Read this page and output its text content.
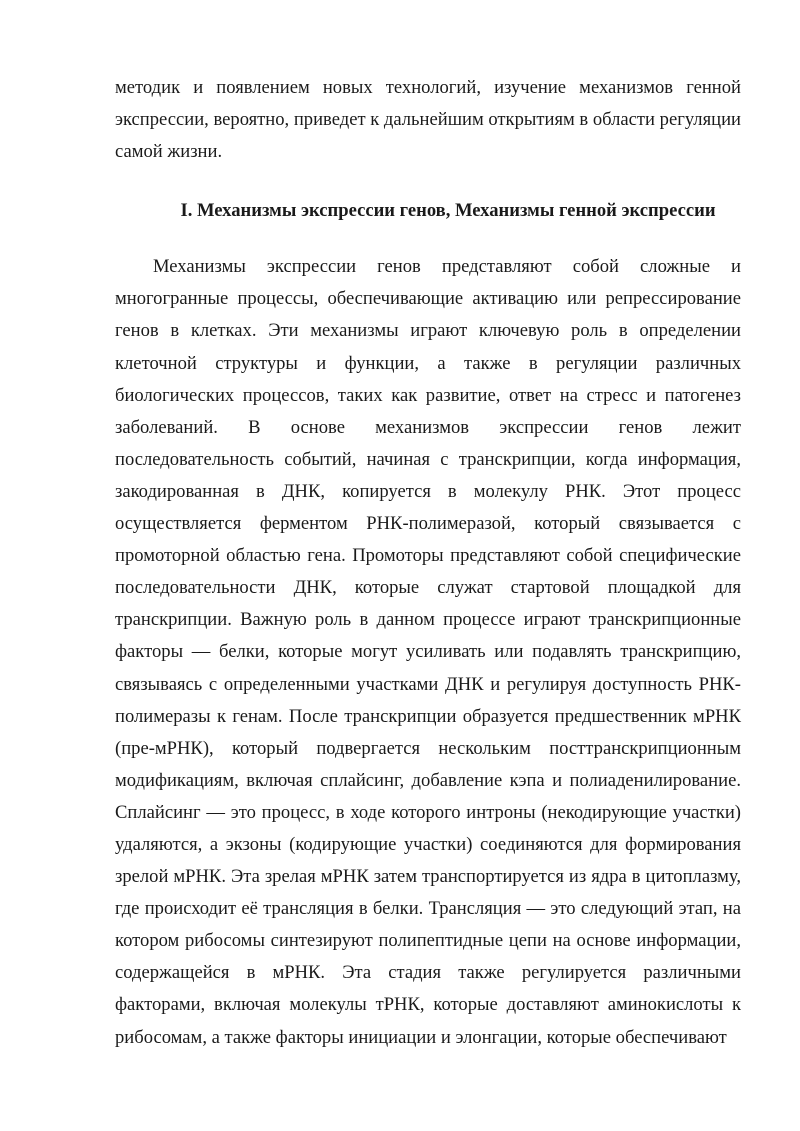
методик и появлением новых технологий, изучение механизмов генной экспрессии, вероятно, приведет к дальнейшим открытиям в области регуляции самой жизни.

I. Механизмы экспрессии генов, Механизмы генной экспрессии

Механизмы экспрессии генов представляют собой сложные и многогранные процессы, обеспечивающие активацию или репрессирование генов в клетках. Эти механизмы играют ключевую роль в определении клеточной структуры и функции, а также в регуляции различных биологических процессов, таких как развитие, ответ на стресс и патогенез заболеваний. В основе механизмов экспрессии генов лежит последовательность событий, начиная с транскрипции, когда информация, закодированная в ДНК, копируется в молекулу РНК. Этот процесс осуществляется ферментом РНК-полимеразой, который связывается с промоторной областью гена. Промоторы представляют собой специфические последовательности ДНК, которые служат стартовой площадкой для транскрипции. Важную роль в данном процессе играют транскрипционные факторы — белки, которые могут усиливать или подавлять транскрипцию, связываясь с определенными участками ДНК и регулируя доступность РНК-полимеразы к генам. После транскрипции образуется предшественник мРНК (пре-мРНК), который подвергается нескольким посттранскрипционным модификациям, включая сплайсинг, добавление кэпа и полиаденилирование. Сплайсинг — это процесс, в ходе которого интроны (некодирующие участки) удаляются, а экзоны (кодирующие участки) соединяются для формирования зрелой мРНК. Эта зрелая мРНК затем транспортируется из ядра в цитоплазму, где происходит её трансляция в белки. Трансляция — это следующий этап, на котором рибосомы синтезируют полипептидные цепи на основе информации, содержащейся в мРНК. Эта стадия также регулируется различными факторами, включая молекулы тРНК, которые доставляют аминокислоты к рибосомам, а также факторы инициации и элонгации, которые обеспечивают
